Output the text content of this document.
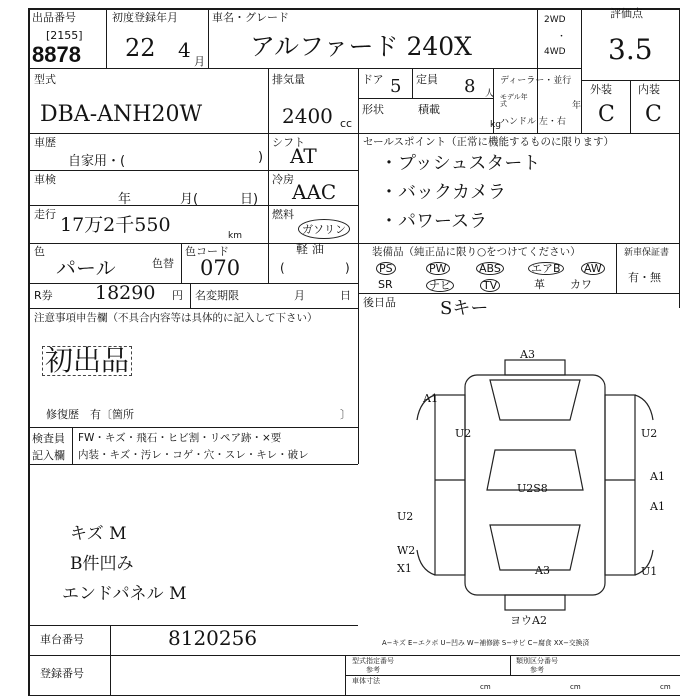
出品番号
[2155]
8878
初度登録年月
22 4 月
車名・グレード
アルファード 240X
2WD
・
4WD
評価点
3.5
型式
DBA-ANH20W
排気量
2400 cc
ドア 5 定員 8 人
形状	積載
kg
ディーラー・並行
モデル年式	年
ハンドル 左・右
外装 内装
C C
車歴
自家用・(	)
シフト
AT
車検
年	月(	日)
冷房
AAC
走行 17万2千550	km
燃料
ガソリン
軽 油
(	)
色
パール	色替
色コード
070
R券 18290 円 名変期限	月	日
セールスポイント（正常に機能するものに限ります）
・プッシュスタート
・バックカメラ
・パワースラ
装備品（純正品に限り○をつけてください）
PS	PW	ABS	エアB AW
SR	ナビ	TV	革 カワ
新車保証書
有・無
後日品 Sキー
注意事項申告欄（不具合内容等は具体的に記入して下さい）
初出品
修復歴　有〔箇所	〕
検査員
記入欄
FW・キズ・飛石・ヒビ割・リペア跡・×要
内装・キズ・汚レ・コゲ・穴・スレ・キレ・破レ
キズ M
B件凹み
エンドパネル M
A3
A1
U2	U2
A1
U2S8
A1
U2
W2
X1	U1
A3
ヨウA2
A−キズ E−エクボ U−凹み W−補修跡 S−サビ C−腐食 XX−交換済
車台番号	8120256
登録番号
型式指定番号
参考
類別区分番号
参考
車体寸法
cm	cm	cm
